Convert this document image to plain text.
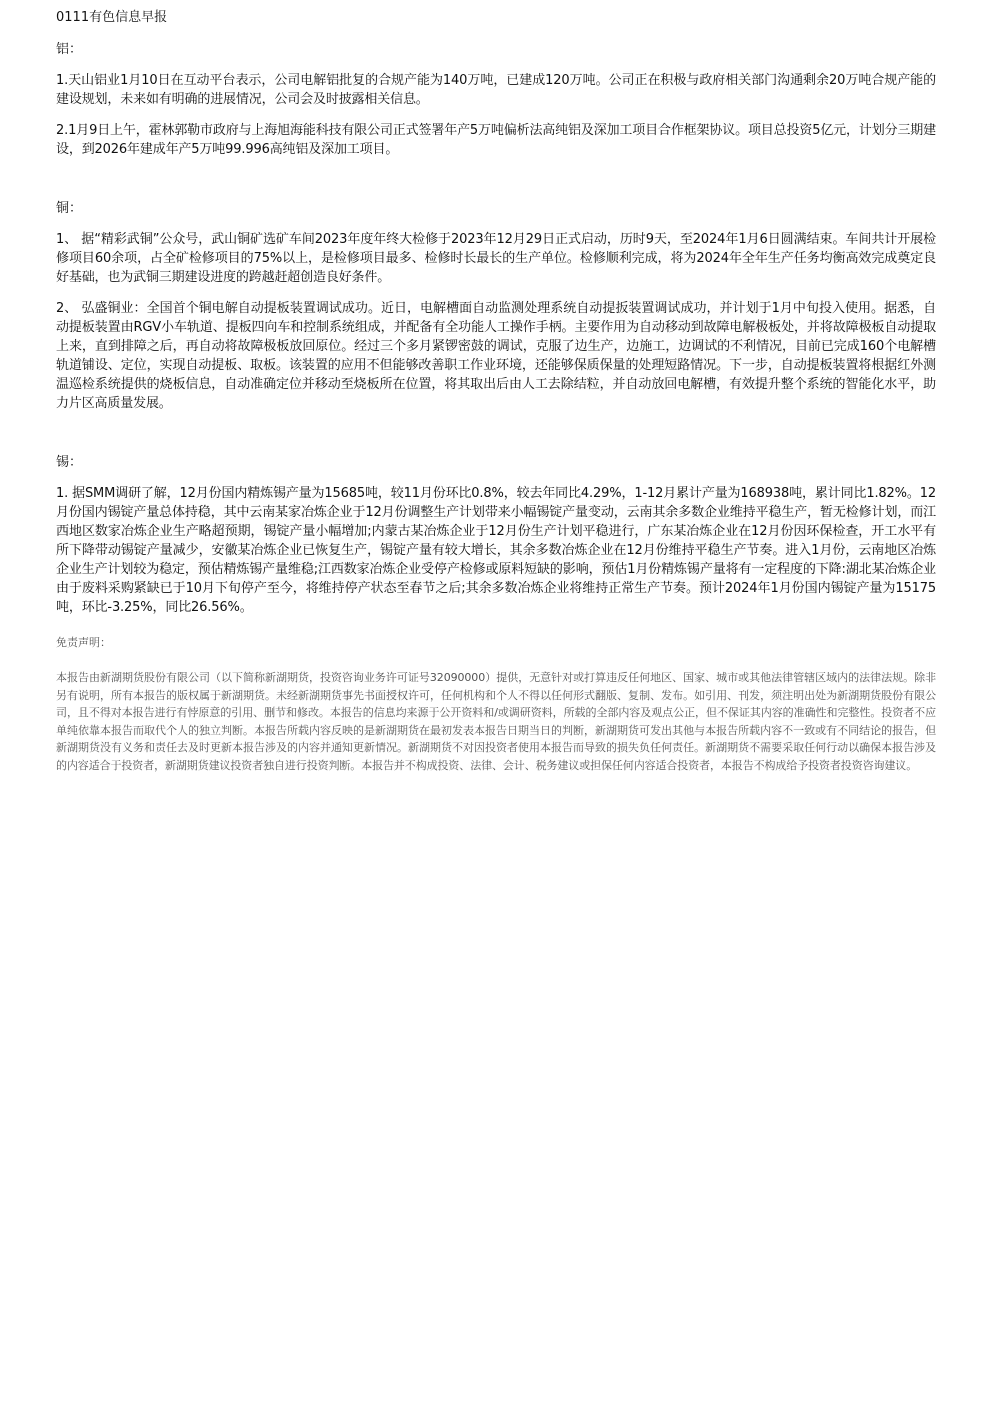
0111有色信息早报
铝：

1.天山铝业1月10日在互动平台表示，公司电解铝批复的合规产能为140万吨，已建成120万吨。公司正在积极与政府相关部门沟通剩余20万吨合规产能的建设规划，未来如有明确的进展情况，公司会及时披露相关信息。

2.1月9日上午，霍林郭勒市政府与上海旭海能科技有限公司正式签署年产5万吨偏析法高纯铝及深加工项目合作框架协议。项目总投资5亿元，计划分三期建设，到2026年建成年产5万吨99.996高纯铝及深加工项目。

铜：

1、 据“精彩武铜”公众号，武山铜矿选矿车间2023年度年终大检修于2023年12月29日正式启动，历时9天，至2024年1月6日圆满结束。车间共计开展检修项目60余项，占全矿检修项目的75%以上，是检修项目最多、检修时长最长的生产单位。检修顺利完成，将为2024年全年生产任务均衡高效完成奠定良好基础，也为武铜三期建设进度的跨越赶超创造良好条件。

2、 弘盛铜业：全国首个铜电解自动提板装置调试成功。近日，电解槽面自动监测处理系统自动提扳装置调试成功，并计划于1月中旬投入使用。据悉，自动提板装置由RGV小车轨道、提板四向车和控制系统组成，并配备有全功能人工操作手柄。主要作用为自动移动到故障电解极板处，并将故障极板自动提取上来，直到排障之后，再自动将故障极板放回原位。经过三个多月紧锣密鼓的调试，克服了边生产，边施工，边调试的不利情况，目前已完成160个电解槽轨道铺设、定位，实现自动提板、取板。该装置的应用不但能够改善职工作业环境，还能够保质保量的处理短路情况。下一步，自动提板装置将根据红外测温巡检系统提供的烧板信息，自动准确定位并移动至烧板所在位置，将其取出后由人工去除结粒，并自动放回电解槽，有效提升整个系统的智能化水平，助力片区高质量发展。

锡：

1. 据SMM调研了解，12月份国内精炼锡产量为15685吨，较11月份环比0.8%，较去年同比4.29%，1-12月累计产量为168938吨，累计同比1.82%。12月份国内锡锭产量总体持稳，其中云南某家冶炼企业于12月份调整生产计划带来小幅锡锭产量变动，云南其余多数企业维持平稳生产，暂无检修计划，而江西地区数家冶炼企业生产略超预期，锡锭产量小幅增加;内蒙古某冶炼企业于12月份生产计划平稳进行，广东某冶炼企业在12月份因环保检查，开工水平有所下降带动锡锭产量减少，安徽某冶炼企业已恢复生产，锡锭产量有较大增长，其余多数冶炼企业在12月份维持平稳生产节奏。进入1月份，云南地区冶炼企业生产计划较为稳定，预估精炼锡产量维稳;江西数家冶炼企业受停产检修或原料短缺的影响，预估1月份精炼锡产量将有一定程度的下降:湖北某冶炼企业由于废料采购紧缺已于10月下旬停产至今，将维持停产状态至春节之后;其余多数冶炼企业将维持正常生产节奏。预计2024年1月份国内锡锭产量为15175吨，环比-3.25%，同比26.56%。

免责声明：

本报告由新湖期货股份有限公司（以下简称新湖期货，投资咨询业务许可证号32090000）提供，无意针对或打算违反任何地区、国家、城市或其他法律管辖区域内的法律法规。除非另有说明，所有本报告的版权属于新湖期货。未经新湖期货事先书面授权许可，任何机构和个人不得以任何形式翻版、复制、发布。如引用、刊发，须注明出处为新湖期货股份有限公司，且不得对本报告进行有悖原意的引用、删节和修改。本报告的信息均来源于公开资料和/或调研资料，所载的全部内容及观点公正，但不保证其内容的准确性和完整性。投资者不应单纯依靠本报告而取代个人的独立判断。本报告所载内容反映的是新湖期货在最初发表本报告日期当日的判断，新湖期货可发出其他与本报告所载内容不一致或有不同结论的报告，但新湖期货没有义务和责任去及时更新本报告涉及的内容并通知更新情况。新湖期货不对因投资者使用本报告而导致的损失负任何责任。新湖期货不需要采取任何行动以确保本报告涉及的内容适合于投资者，新湖期货建议投资者独自进行投资判断。本报告并不构成投资、法律、会计、税务建议或担保任何内容适合投资者，本报告不构成给予投资者投资咨询建议。
